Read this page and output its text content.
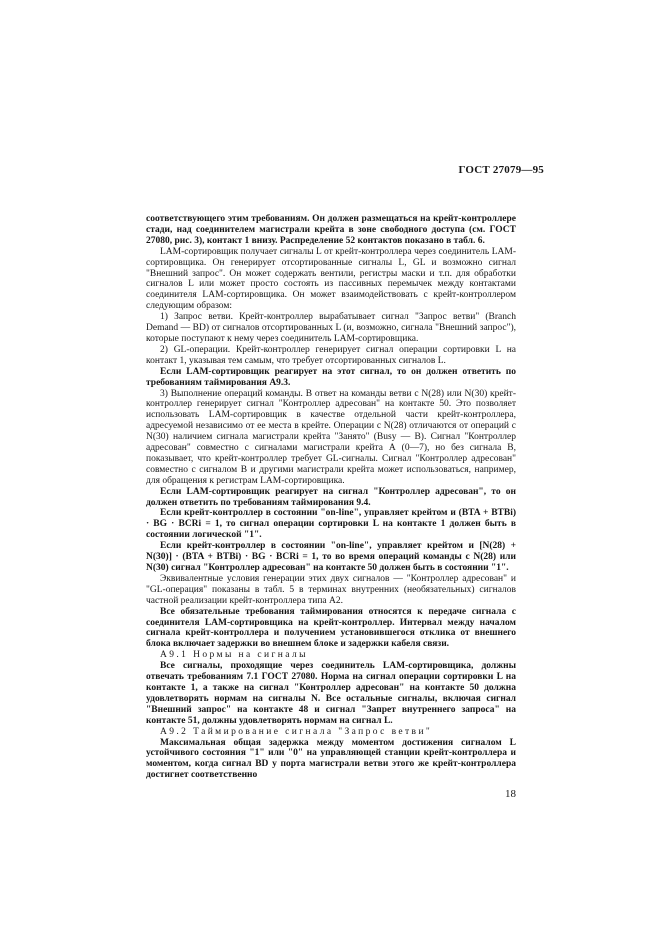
ГОСТ 27079—95

соответствующего этим требованиям. Он должен размещаться на крейт-контроллере стади, над соединителем магистрали крейта в зоне свободного доступа (см. ГОСТ 27080, рис. 3), контакт 1 внизу. Распределение 52 контактов показано в табл. 6.

LAM-сортировщик получает сигналы L от крейт-контроллера через соединитель LAM-сортировщика. Он генерирует отсортированные сигналы L, GL и возможно сигнал "Внешний запрос". Он может содержать вентили, регистры маски и т.п. для обработки сигналов L или может просто состоять из пассивных перемычек между контактами соединителя LAM-сортировщика. Он может взаимодействовать с крейт-контроллером следующим образом:

1) Запрос ветви. Крейт-контроллер вырабатывает сигнал "Запрос ветви" (Branch Demand — BD) от сигналов отсортированных L (и, возможно, сигнала "Внешний запрос"), которые поступают к нему через соединитель LAM-сортировщика.

2) GL-операции. Крейт-контроллер генерирует сигнал операции сортировки L на контакт 1, указывая тем самым, что требует отсортированных сигналов L.

Если LAM-сортировщик реагирует на этот сигнал, то он должен ответить по требованиям таймирования А9.3.

3) Выполнение операций команды. В ответ на команды ветви с N(28) или N(30) крейт-контроллер генерирует сигнал "Контроллер адресован" на контакте 50. Это позволяет использовать LAM-сортировщик в качестве отдельной части крейт-контроллера, адресуемой независимо от ее места в крейте. Операции с N(28) отличаются от операций с N(30) наличием сигнала магистрали крейта "Занято" (Busy — B). Сигнал "Контроллер адресован" совместно с сигналами магистрали крейта А (0—7), но без сигнала В, показывает, что крейт-контроллер требует GL-сигналы. Сигнал "Контроллер адресован" совместно с сигналом В и другими магистрали крейта может использоваться, например, для обращения к регистрам LAM-сортировщика.

Если LAM-сортировщик реагирует на сигнал "Контроллер адресован", то он должен ответить по требованиям таймирования 9.4.

Если крейт-контроллер в состоянии "on-line", управляет крейтом и (BTA + BTBi) · BG · BCRi = 1, то сигнал операции сортировки L на контакте 1 должен быть в состоянии логической "1".

Если крейт-контроллер в состоянии "on-line", управляет крейтом и [N(28) + N(30)] · (BTA + BTBi) · BG · BCRi = 1, то во время операций команды с N(28) или N(30) сигнал "Контроллер адресован" на контакте 50 должен быть в состоянии "1".

Эквивалентные условия генерации этих двух сигналов — "Контроллер адресован" и "GL-операция" показаны в табл. 5 в терминах внутренних (необязательных) сигналов частной реализации крейт-контроллера типа А2.

Все обязательные требования таймирования относятся к передаче сигнала с соединителя LAM-сортировщика на крейт-контроллер. Интервал между началом сигнала крейт-контроллера и получением установившегося отклика от внешнего блока включает задержки во внешнем блоке и задержки кабеля связи.

А9.1 Нормы на сигналы

Все сигналы, проходящие через соединитель LAM-сортировщика, должны отвечать требованиям 7.1 ГОСТ 27080. Норма на сигнал операции сортировки L на контакте 1, а также на сигнал "Контроллер адресован" на контакте 50 должна удовлетворять нормам на сигналы N. Все остальные сигналы, включая сигнал "Внешний запрос" на контакте 48 и сигнал "Запрет внутреннего запроса" на контакте 51, должны удовлетворять нормам на сигнал L.

А9.2 Таймирование сигнала "Запрос ветви"

Максимальная общая задержка между моментом достижения сигналом L устойчивого состояния "1" или "0" на управляющей станции крейт-контроллера и моментом, когда сигнал BD у порта магистрали ветви этого же крейт-контроллера достигнет соответственно

18
